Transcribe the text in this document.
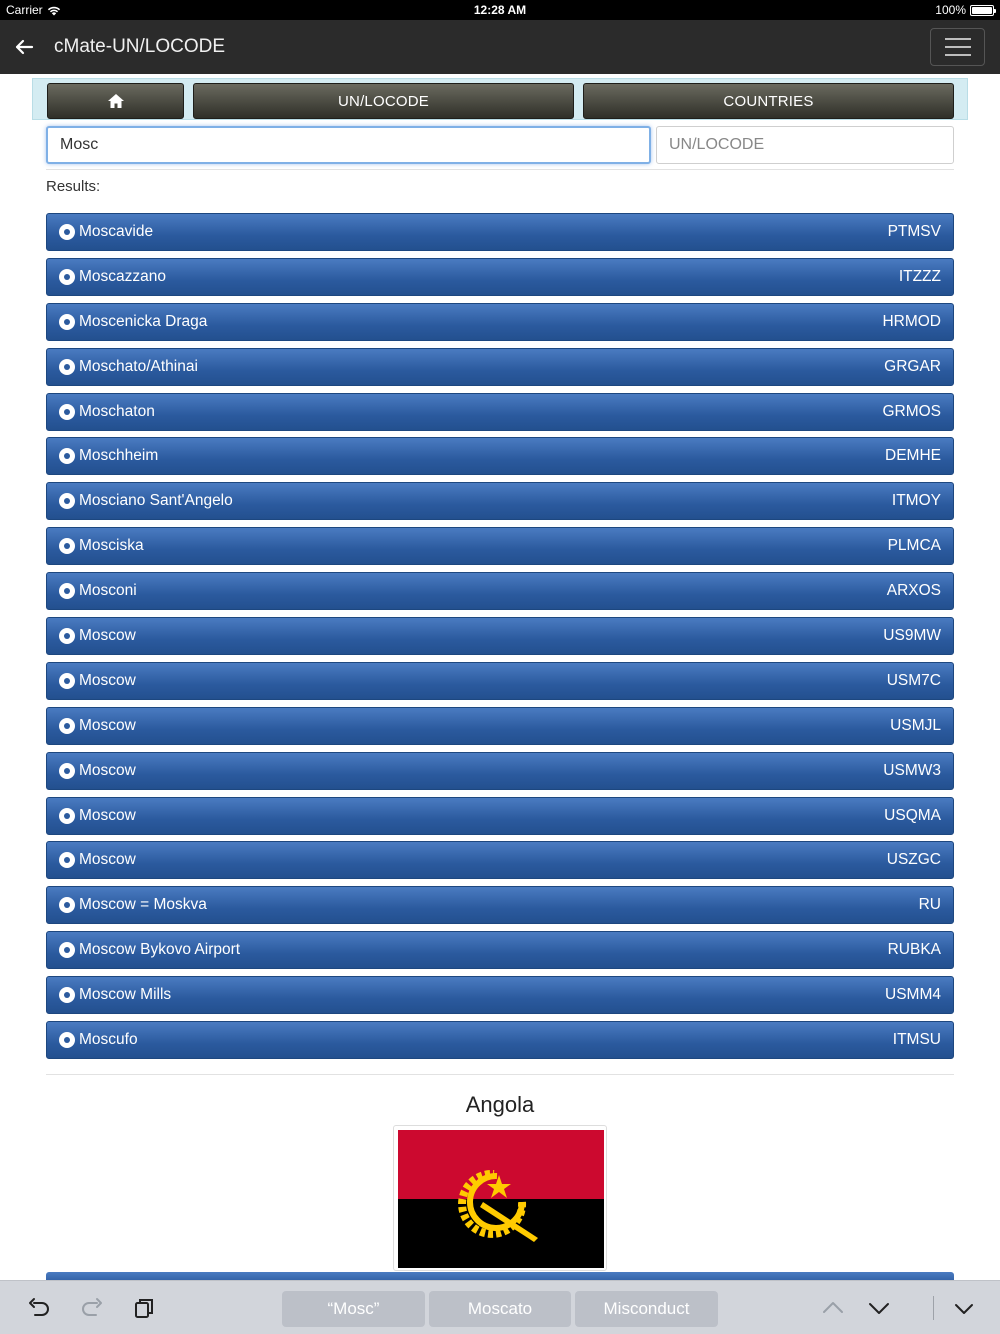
Carrier	12:28 AM	100%
cMate-UN/LOCODE
UN/LOCODE	COUNTRIES
Mosc
UN/LOCODE
Results:
Moscavide	PTMSV
Moscazzano	ITZZZ
Moscenicka Draga	HRMOD
Moschato/Athinai	GRGAR
Moschaton	GRMOS
Moschheim	DEMHE
Mosciano Sant'Angelo	ITMOY
Mosciska	PLMCA
Mosconi	ARXOS
Moscow	US9MW
Moscow	USM7C
Moscow	USMJL
Moscow	USMW3
Moscow	USQMA
Moscow	USZGC
Moscow = Moskva	RU
Moscow Bykovo Airport	RUBKA
Moscow Mills	USMM4
Moscufo	ITMSU
Angola
“Mosc”	Moscato	Misconduct
